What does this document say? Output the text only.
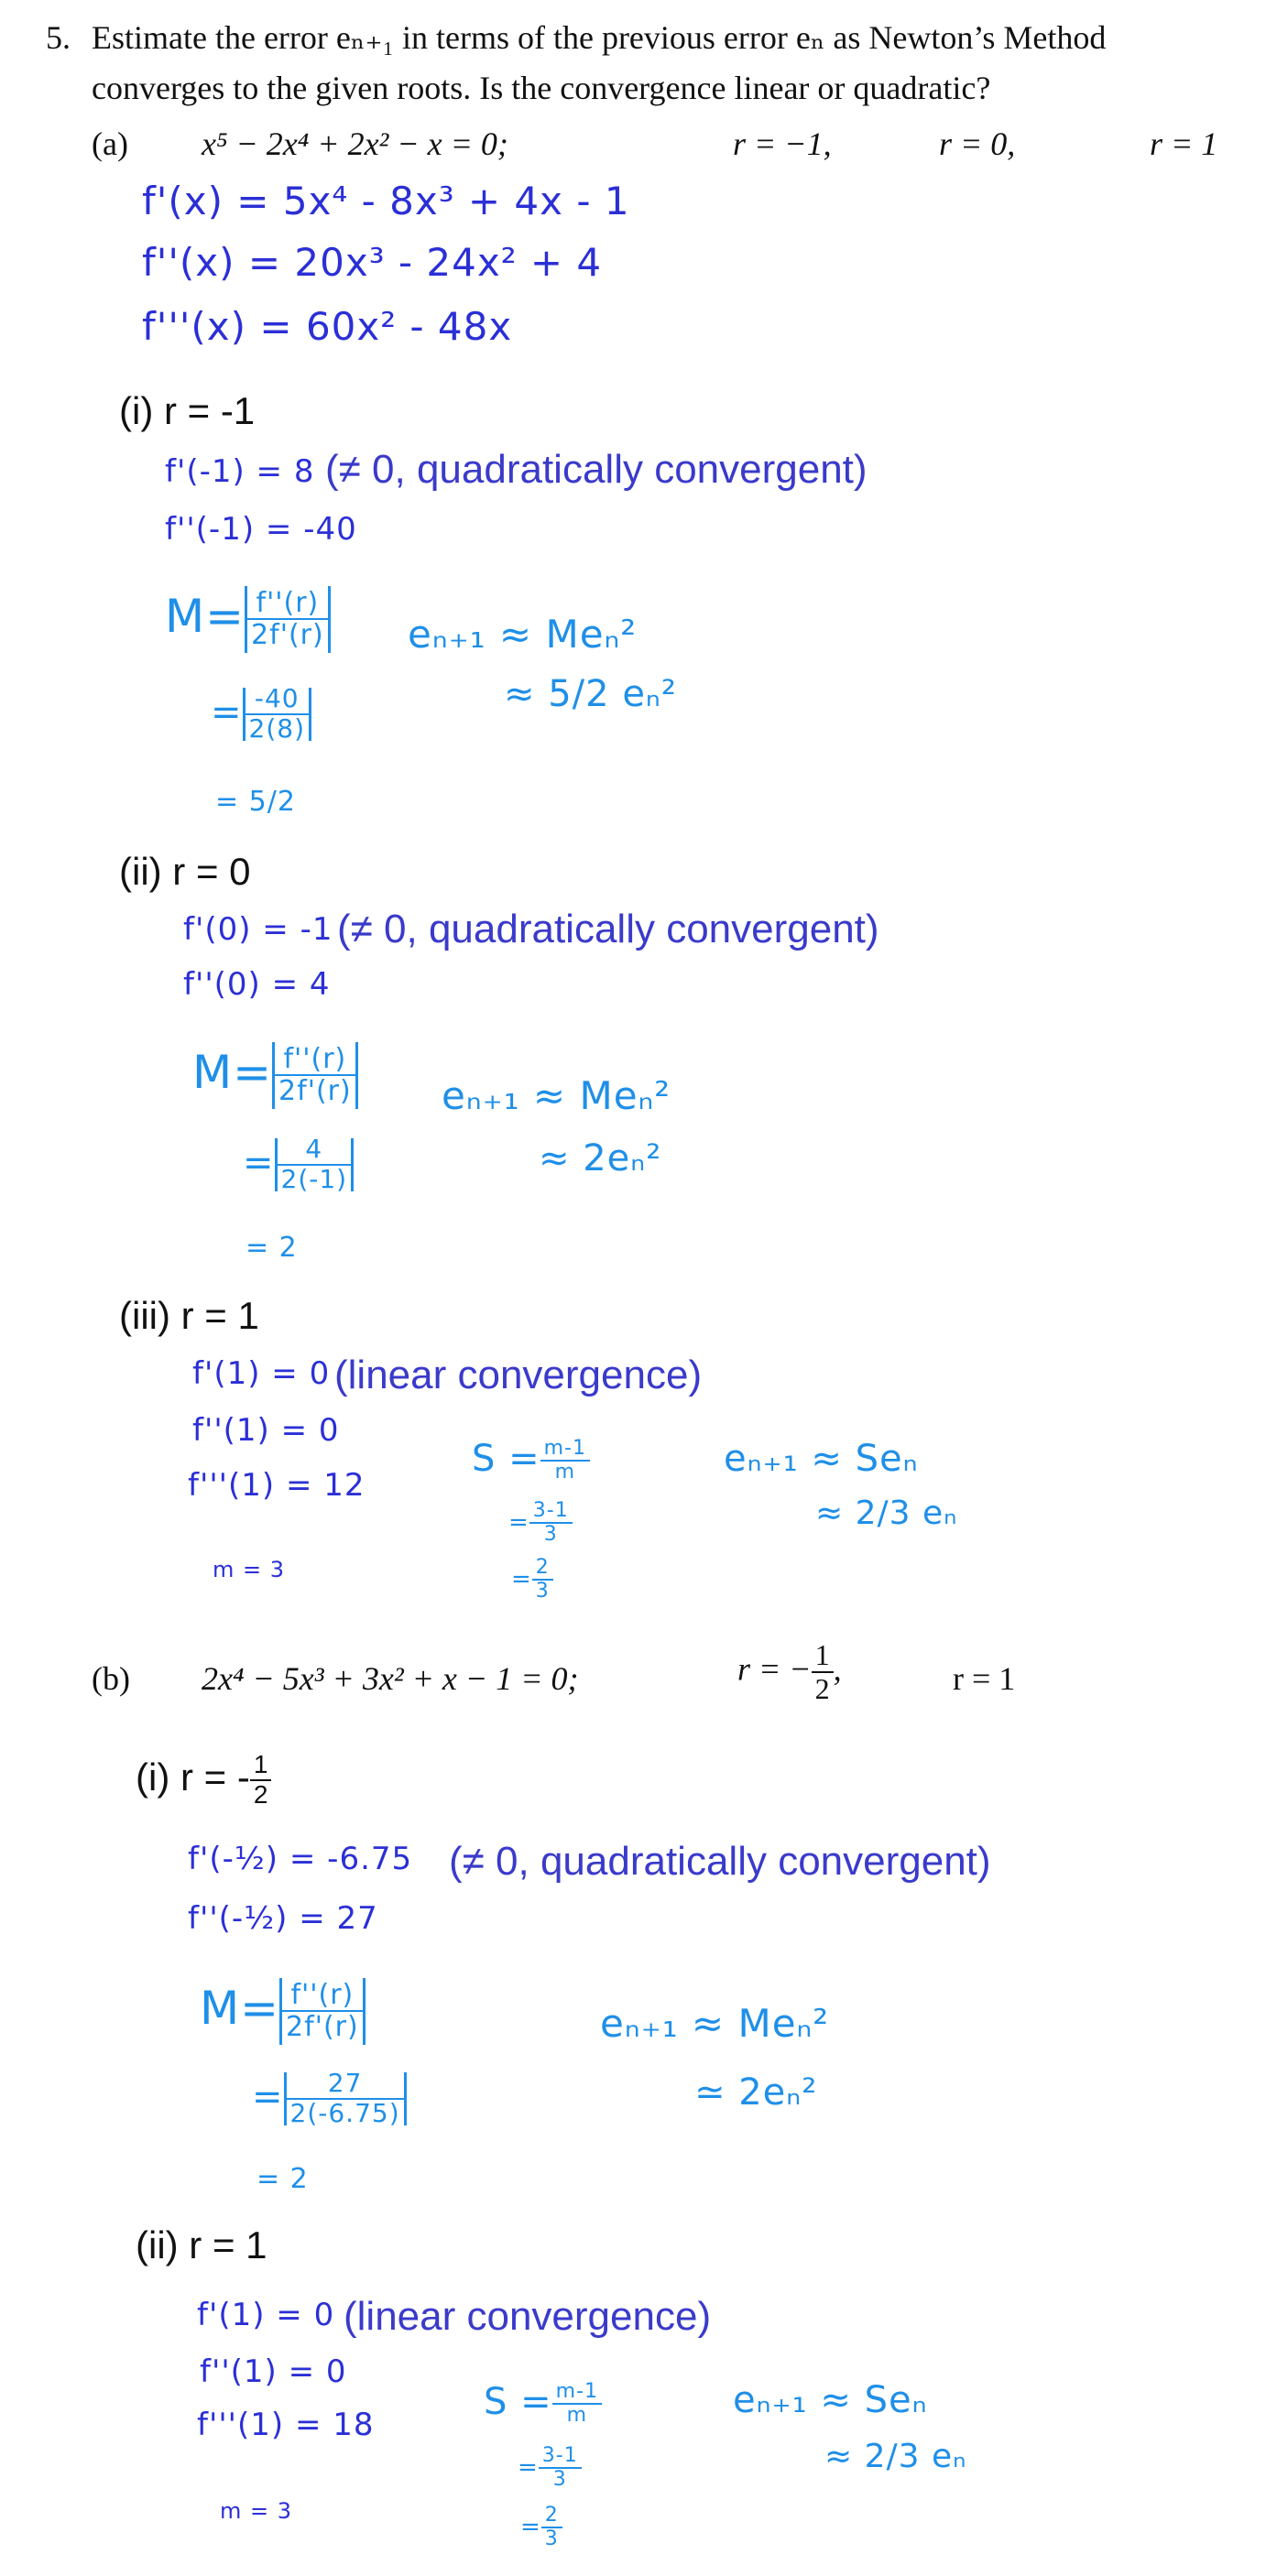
5. Estimate the error eₙ₊₁ in terms of the previous error eₙ as Newton’s Method
converges to the given roots. Is the convergence linear or quadratic?
(a) x⁵ − 2x⁴ + 2x² − x = 0;	r = −1,	r = 0,	r = 1
f'(x) = 5x⁴ - 8x³ + 4x - 1
f''(x) = 20x³ - 24x² + 4
f'''(x) = 60x² - 48x
(i) r = -1
f'(-1) = 8 (≠ 0, quadratically convergent)
f''(-1) = -40
$M= \frac{f''(r)}{2f'(r)}$
= $\frac{-40}{2(8)}$
= 5/2
eₙ₊₁ ≈ Meₙ²
≈ 5/2 eₙ²
(ii) r = 0
f'(0) = -1 (≠ 0, quadratically convergent)
f''(0) = 4
$M= \frac{f''(r)}{2f'(r)}$
= $\frac{4}{2(-1)}$
= 2
eₙ₊₁ ≈ Meₙ²
≈ 2eₙ²
(iii) r = 1
f'(1) = 0 (linear convergence)
f''(1) = 0
f'''(1) = 12
m = 3
$S = \frac{m-1}{m}$
= $\frac{3-1}{3}$
= $\frac{2}{3}$
eₙ₊₁ ≈ Seₙ
≈ 2/3 eₙ
(b) 2x⁴ − 5x³ + 3x² + x − 1 = 0;	r = − $\frac{1}{2}$ ,	r = 1
(i) r = - $\frac{1}{2}$
f'(-½) = -6.75 (≠ 0, quadratically convergent)
f''(-½) = 27
$M= \frac{f''(r)}{2f'(r)}$
= $\frac{27}{2(-6.75)}$
= 2
eₙ₊₁ ≈ Meₙ²
≃ 2eₙ²
(ii) r = 1
f'(1) = 0 (linear convergence)
f''(1) = 0
f'''(1) = 18
m = 3
$S = \frac{m-1}{m}$
= $\frac{3-1}{3}$
= $\frac{2}{3}$
eₙ₊₁ ≈ Seₙ
≈ 2/3 eₙ
